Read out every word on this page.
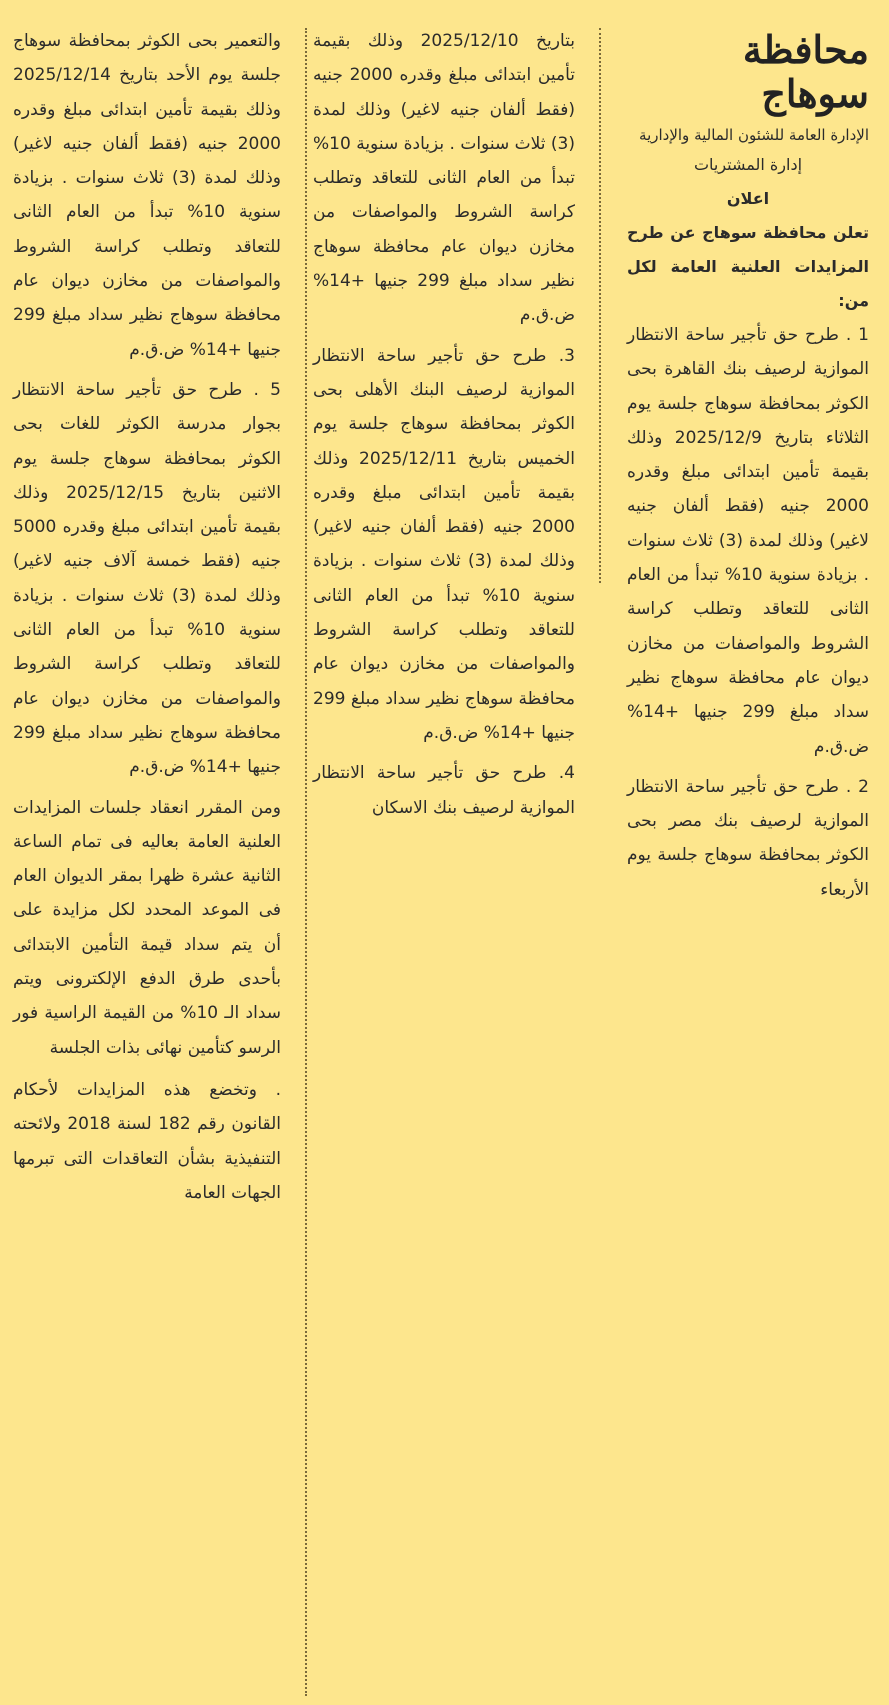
محافظة سوهاج
الإدارة العامة للشئون المالية والإدارية
إدارة المشتريات
اعلان
تعلن محافظة سوهاج عن طرح المزايدات العلنية العامة لكل من:

1 . طرح حق تأجير ساحة الانتظار الموازية لرصيف بنك القاهرة بحى الكوثر بمحافظة سوهاج جلسة يوم الثلاثاء بتاريخ 2025/12/9 وذلك بقيمة تأمين ابتدائى مبلغ وقدره 2000 جنيه (فقط ألفان جنيه لاغير) وذلك لمدة (3) ثلاث سنوات . بزيادة سنوية 10% تبدأ من العام الثانى للتعاقد وتطلب كراسة الشروط والمواصفات من مخازن ديوان عام محافظة سوهاج نظير سداد مبلغ 299 جنيها +14% ض.ق.م

2 . طرح حق تأجير ساحة الانتظار الموازية لرصيف بنك مصر بحى الكوثر بمحافظة سوهاج جلسة يوم الأربعاء

بتاريخ 2025/12/10 وذلك بقيمة تأمين ابتدائى مبلغ وقدره 2000 جنيه (فقط ألفان جنيه لاغير) وذلك لمدة (3) ثلاث سنوات . بزيادة سنوية 10% تبدأ من العام الثانى للتعاقد وتطلب كراسة الشروط والمواصفات من مخازن ديوان عام محافظة سوهاج نظير سداد مبلغ 299 جنيها +14% ض.ق.م

3. طرح حق تأجير ساحة الانتظار الموازية لرصيف البنك الأهلى بحى الكوثر بمحافظة سوهاج جلسة يوم الخميس بتاريخ 2025/12/11 وذلك بقيمة تأمين ابتدائى مبلغ وقدره 2000 جنيه (فقط ألفان جنيه لاغير) وذلك لمدة (3) ثلاث سنوات . بزيادة سنوية 10% تبدأ من العام الثانى للتعاقد وتطلب كراسة الشروط والمواصفات من مخازن ديوان عام محافظة سوهاج نظير سداد مبلغ 299 جنيها +14% ض.ق.م

4. طرح حق تأجير ساحة الانتظار الموازية لرصيف بنك الاسكان

والتعمير بحى الكوثر بمحافظة سوهاج جلسة يوم الأحد بتاريخ 2025/12/14 وذلك بقيمة تأمين ابتدائى مبلغ وقدره 2000 جنيه (فقط ألفان جنيه لاغير) وذلك لمدة (3) ثلاث سنوات . بزيادة سنوية 10% تبدأ من العام الثانى للتعاقد وتطلب كراسة الشروط والمواصفات من مخازن ديوان عام محافظة سوهاج نظير سداد مبلغ 299 جنيها +14% ض.ق.م

5 . طرح حق تأجير ساحة الانتظار بجوار مدرسة الكوثر للغات بحى الكوثر بمحافظة سوهاج جلسة يوم الاثنين بتاريخ 2025/12/15 وذلك بقيمة تأمين ابتدائى مبلغ وقدره 5000 جنيه (فقط خمسة آلاف جنيه لاغير) وذلك لمدة (3) ثلاث سنوات . بزيادة سنوية 10% تبدأ من العام الثانى للتعاقد وتطلب كراسة الشروط والمواصفات من مخازن ديوان عام محافظة سوهاج نظير سداد مبلغ 299 جنيها +14% ض.ق.م

ومن المقرر انعقاد جلسات المزايدات العلنية العامة بعاليه فى تمام الساعة الثانية عشرة ظهرا بمقر الديوان العام فى الموعد المحدد لكل مزايدة على أن يتم سداد قيمة التأمين الابتدائى بأحدى طرق الدفع الإلكترونى ويتم سداد الـ 10% من القيمة الراسية فور الرسو كتأمين نهائى بذات الجلسة

. وتخضع هذه المزايدات لأحكام القانون رقم 182 لسنة 2018 ولائحته التنفيذية بشأن التعاقدات التى تبرمها الجهات العامة
